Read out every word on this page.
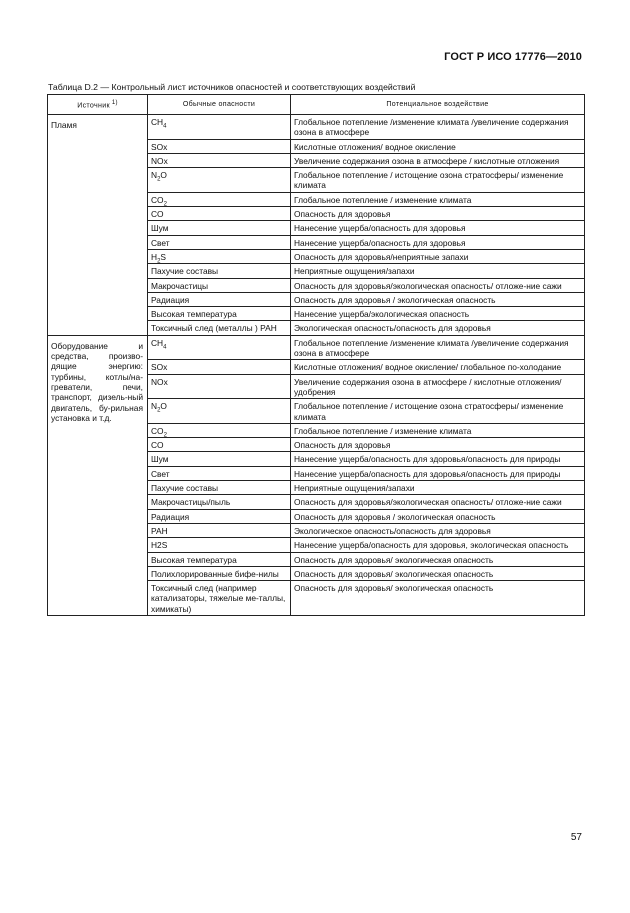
ГОСТ Р ИСО 17776—2010
Таблица D.2 — Контрольный лист источников опасностей и соответствующих воздействий
Источник $^{1)}$	Обычные опасности	Потенциальное воздействие
Пламя	$CH_4$	Глобальное потепление /изменение климата /увеличение содержания озона в атмосфере
	SOx	Кислотные отложения/ водное окисление
	NOx	Увеличение содержания озона в атмосфере / кислотные отложения
	$N_2O$	Глобальное потепление / истощение озона стратосферы/ изменение климата
	$CO_2$	Глобальное потепление / изменение климата
	CO	Опасность для здоровья
	Шум	Нанесение ущерба/опасность для здоровья
	Свет	Нанесение ущерба/опасность для здоровья
	$H_2S$	Опасность для здоровья/неприятные запахи
	Пахучие составы	Неприятные ощущения/запахи
	Макрочастицы	Опасность для здоровья/экологическая опасность/ отложе-ние сажи
	Радиация	Опасность для здоровья / экологическая опасность
	Высокая температура	Нанесение ущерба/экологическая опасность
	Токсичный след (металлы ) РАН	Экологическая опасность/опасность для здоровья
Оборудование и средства, произво-дящие энергию: турбины, котлы/на-греватели, печи, транспорт, дизель-ный двигатель, бу-рильная установка и т.д.	$CH_4$	Глобальное потепление /изменение климата /увеличение содержания озона в атмосфере
	SOx	Кислотные отложения/ водное окисление/ глобальное по-холодание
	NOx	Увеличение содержания озона в атмосфере / кислотные отложения/удобрения
	$N_2O$	Глобальное потепление / истощение озона стратосферы/ изменение климата
	$CO_2$	Глобальное потепление / изменение климата
	CO	Опасность для здоровья
	Шум	Нанесение ущерба/опасность для здоровья/опасность для природы
	Свет	Нанесение ущерба/опасность для здоровья/опасность для природы
	Пахучие составы	Неприятные ощущения/запахи
	Макрочастицы/пыль	Опасность для здоровья/экологическая опасность/ отложе-ние сажи
	Радиация	Опасность для здоровья / экологическая опасность
	РАН	Экологическое опасность/опасность для здоровья
	H2S	Нанесение ущерба/опасность для здоровья, экологическая опасность
	Высокая температура	Опасность для здоровья/ экологическая опасность
	Полихлорированные бифе-нилы	Опасность для здоровья/ экологическая опасность
	Токсичный след (например катализаторы, тяжелые ме-таллы, химикаты)	Опасность для здоровья/ экологическая опасность
57
